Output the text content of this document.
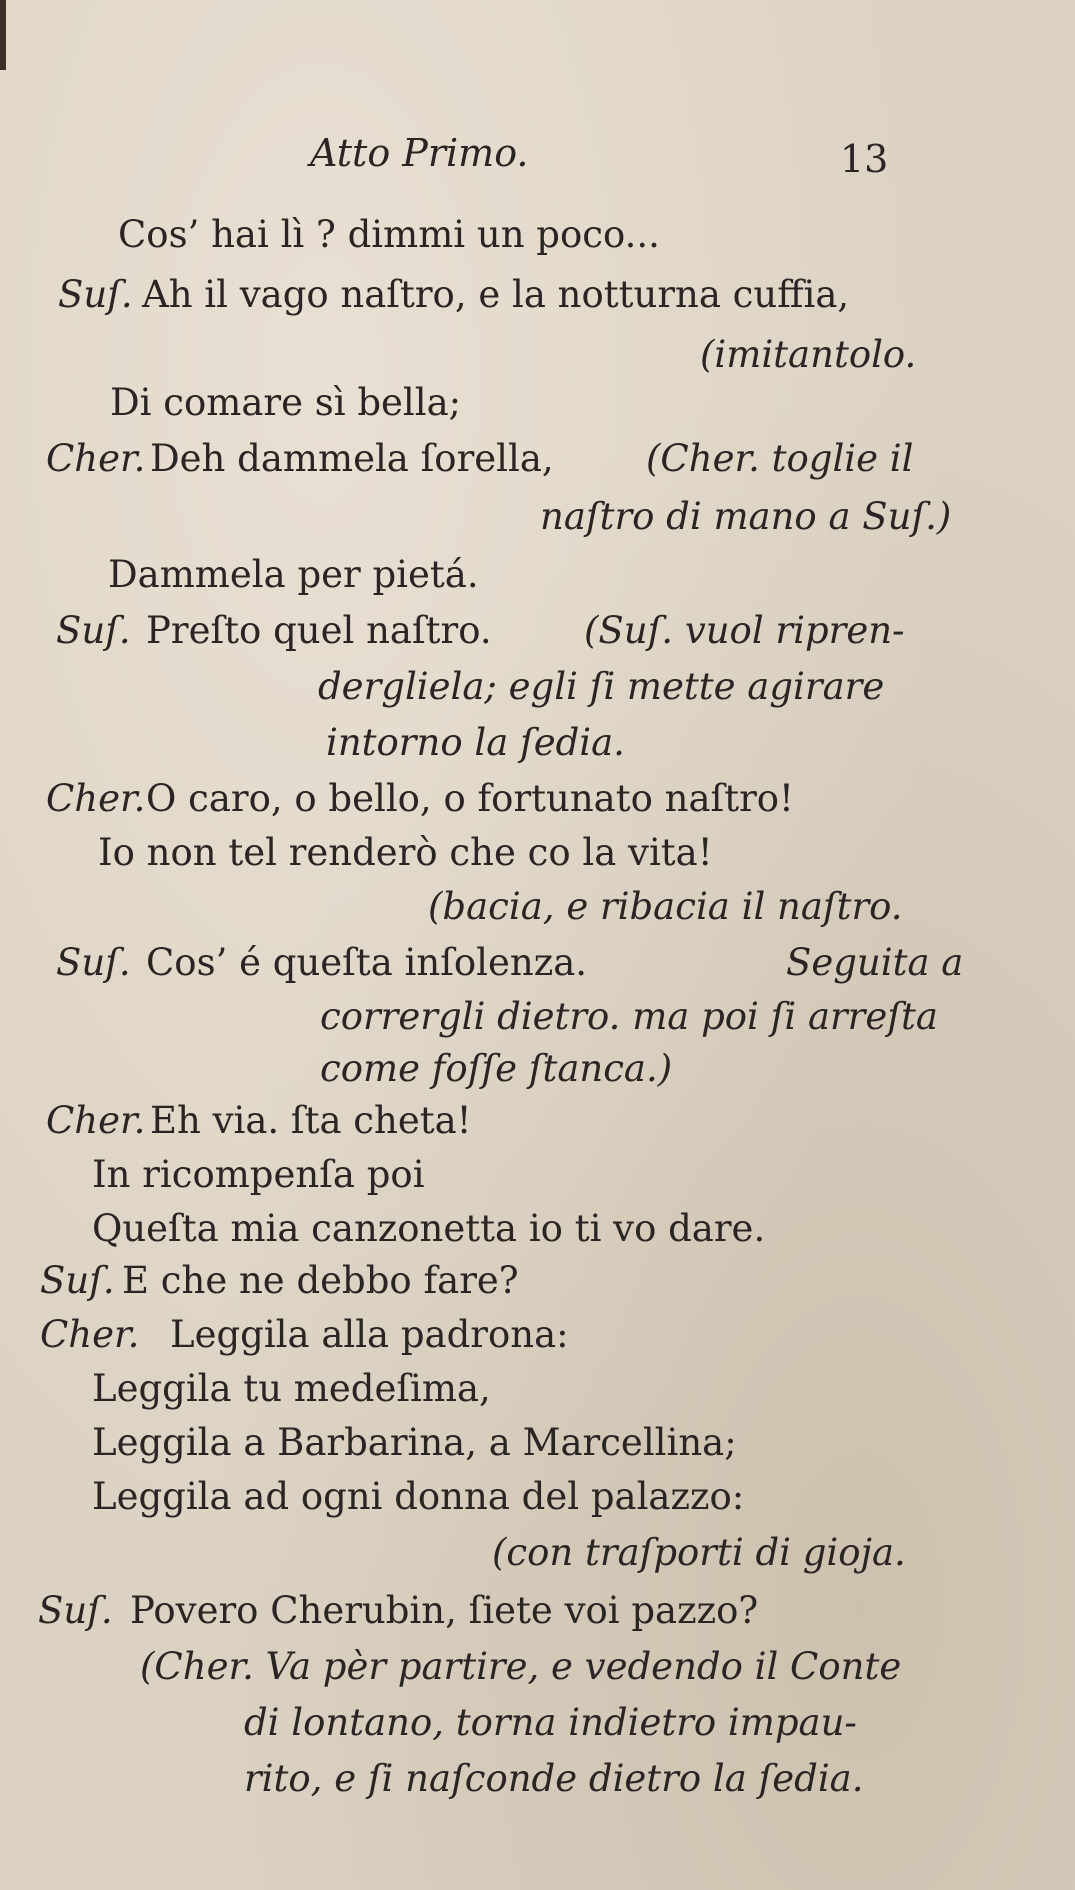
Atto Primo.	13
Cos’ hai lì ? dimmi un poco...
Suſ. Ah il vago naſtro, e la notturna cuffia,
(imitantolo.
Di comare sì bella;
Cher. Deh dammela ſorella, (Cher. toglie il
naſtro di mano a Suſ.)
Dammela per pietá.
Suſ. Preſto quel naſtro. (Suſ. vuol ripren-
dergliela; egli ſi mette agirare
intorno la ſedia.
Cher. O caro, o bello, o fortunato naſtro!
Io non tel renderò che co la vita!
(bacia, e ribacia il naſtro.
Suſ. Cos’ é queſta inſolenza.	Seguita a
corrergli dietro. ma poi ſi arreſta
come foſſe ſtanca.)
Cher. Eh via. ſta cheta!
In ricompenſa poi
Queſta mia canzonetta io ti vo dare.
Suſ. E che ne debbo fare?
Cher. Leggila alla padrona:
Leggila tu medeſima,
Leggila a Barbarina, a Marcellina;
Leggila ad ogni donna del palazzo:
(con traſporti di gioja.
Suſ. Povero Cherubin, ſiete voi pazzo?
(Cher. Va pèr partire, e vedendo il Conte
di lontano, torna indietro impau-
rito, e ſi naſconde dietro la ſedia.
